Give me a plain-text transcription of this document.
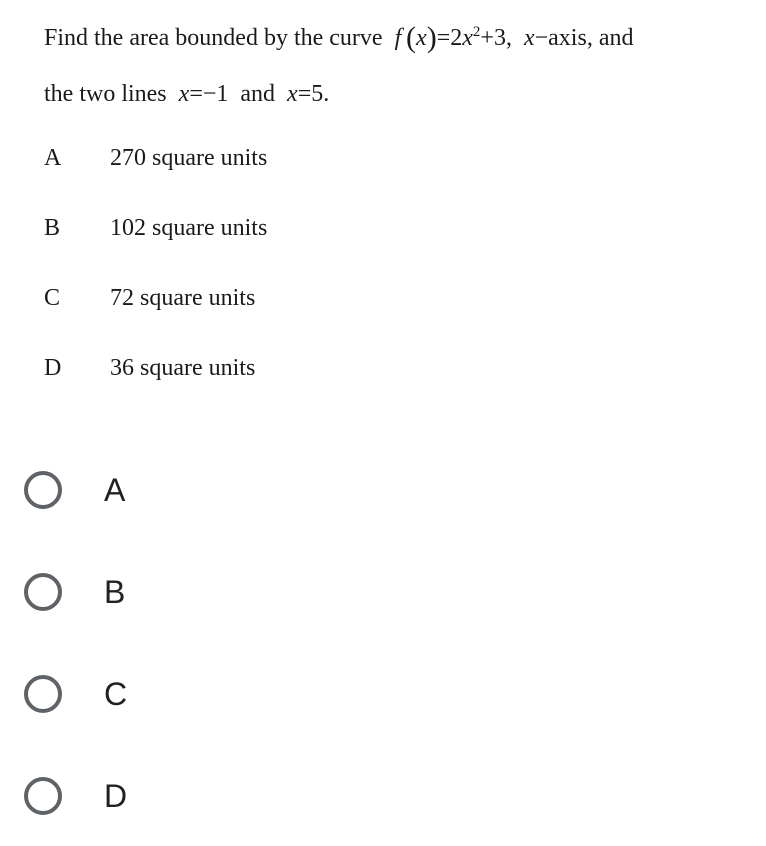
Find the area bounded by the curve f  $(x)=2x^2+3$, x−axis, and
the two lines x=−1 and x=5.
A	270 square units
B	102 square units
C	72 square units
D	36 square units
A
B
C
D
